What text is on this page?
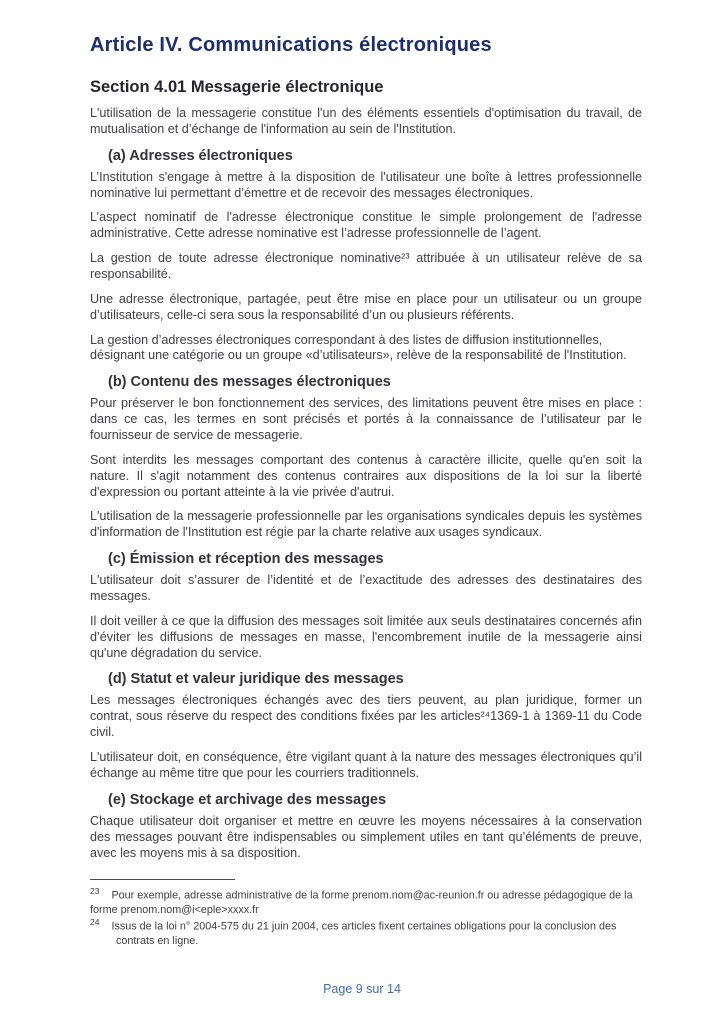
Article IV. Communications électroniques
Section 4.01 Messagerie électronique

L'utilisation de la messagerie constitue l'un des éléments essentiels d'optimisation du travail, de mutualisation et d’échange de l'information au sein de l'Institution.

(a) Adresses électroniques

L’Institution s'engage à mettre à la disposition de l'utilisateur une boîte à lettres professionnelle nominative lui permettant d’émettre et de recevoir des messages électroniques.

L’aspect nominatif de l'adresse électronique constitue le simple prolongement de l'adresse administrative. Cette adresse nominative est l’adresse professionnelle de l’agent.

La gestion de toute adresse électronique nominative²³ attribuée à un utilisateur relève de sa responsabilité.

Une adresse électronique, partagée, peut être mise en place pour un utilisateur ou un groupe d’utilisateurs, celle-ci sera sous la responsabilité d’un ou plusieurs référents.

La gestion d’adresses électroniques correspondant à des listes de diffusion institutionnelles, désignant une catégorie ou un groupe «d’utilisateurs», relève de la responsabilité de l'Institution.

(b) Contenu des messages électroniques

Pour préserver le bon fonctionnement des services, des limitations peuvent être mises en place : dans ce cas, les termes en sont précisés et portés à la connaissance de l’utilisateur par le fournisseur de service de messagerie.

Sont interdits les messages comportant des contenus à caractère illicite, quelle qu'en soit la nature. Il s'agit notamment des contenus contraires aux dispositions de la loi sur la liberté d'expression ou portant atteinte à la vie privée d'autrui.

L'utilisation de la messagerie professionnelle par les organisations syndicales depuis les systèmes d'information de l'Institution est régie par la charte relative aux usages syndicaux.

(c) Émission et réception des messages

L'utilisateur doit s’assurer de l’identité et de l’exactitude des adresses des destinataires des messages.

Il doit veiller à ce que la diffusion des messages soit limitée aux seuls destinataires concernés afin d’éviter les diffusions de messages en masse, l'encombrement inutile de la messagerie ainsi qu'une dégradation du service.

(d) Statut et valeur juridique des messages

Les messages électroniques échangés avec des tiers peuvent, au plan juridique, former un contrat, sous réserve du respect des conditions fixées par les articles²⁴1369-1 à 1369-11 du Code civil.

L'utilisateur doit, en conséquence, être vigilant quant à la nature des messages électroniques qu’il échange au même titre que pour les courriers traditionnels.

(e) Stockage et archivage des messages

Chaque utilisateur doit organiser et mettre en œuvre les moyens nécessaires à la conservation des messages pouvant être indispensables ou simplement utiles en tant qu’éléments de preuve, avec les moyens mis à sa disposition.

$^{23}$ Pour exemple, adresse administrative de la forme prenom.nom@ac-reunion.fr ou adresse pédagogique de la forme prenom.nom@i<eple>xxxx.fr

$^{24}$ Issus de la loi n° 2004-575 du 21 juin 2004, ces articles fixent certaines obligations pour la conclusion des contrats en ligne.

Page 9 sur 14
